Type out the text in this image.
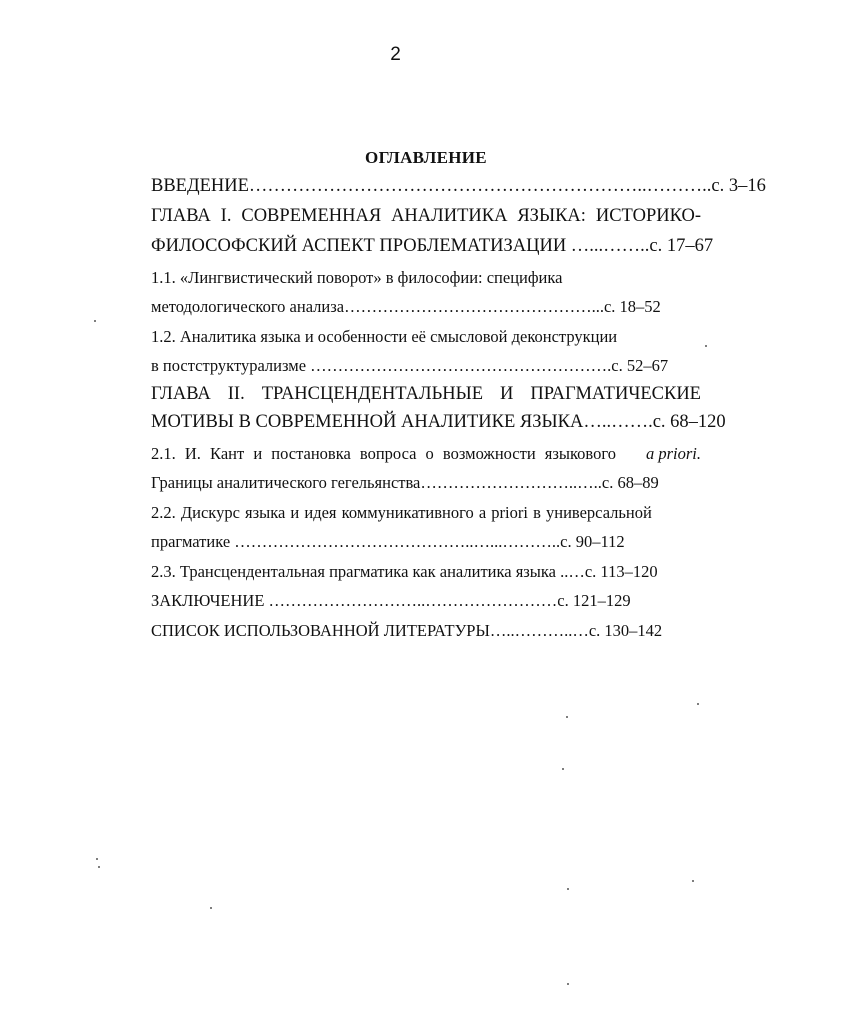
2
ОГЛАВЛЕНИЕ
ВВЕДЕНИЕ………………………………………………………..………..с. 3–16
ГЛАВА I. СОВРЕМЕННАЯ АНАЛИТИКА ЯЗЫКА: ИСТОРИКО-
ФИЛОСОФСКИЙ АСПЕКТ ПРОБЛЕМАТИЗАЦИИ …...……..с. 17–67
1.1. «Лингвистический поворот» в философии: специфика
методологического анализа………………………………………...с. 18–52
1.2. Аналитика языка и особенности её смысловой деконструкции
в постструктурализме ……………………………………………….с. 52–67
ГЛАВА II. ТРАНСЦЕНДЕНТАЛЬНЫЕ И ПРАГМАТИЧЕСКИЕ
МОТИВЫ В СОВРЕМЕННОЙ АНАЛИТИКЕ ЯЗЫКА…..…….с. 68–120
2.1. И. Кант и постановка вопроса о возможности языкового a priori.
Границы аналитического гегельянства………………………..…..с. 68–89
2.2. Дискурс языка и идея коммуникативного a priori в универсальной
прагматике ……………………………………..…...………..с. 90–112
2.3. Трансцендентальная прагматика как аналитика языка ..…с. 113–120
ЗАКЛЮЧЕНИЕ ………………………..……………………с. 121–129
СПИСОК ИСПОЛЬЗОВАННОЙ ЛИТЕРАТУРЫ…..………..…с. 130–142
